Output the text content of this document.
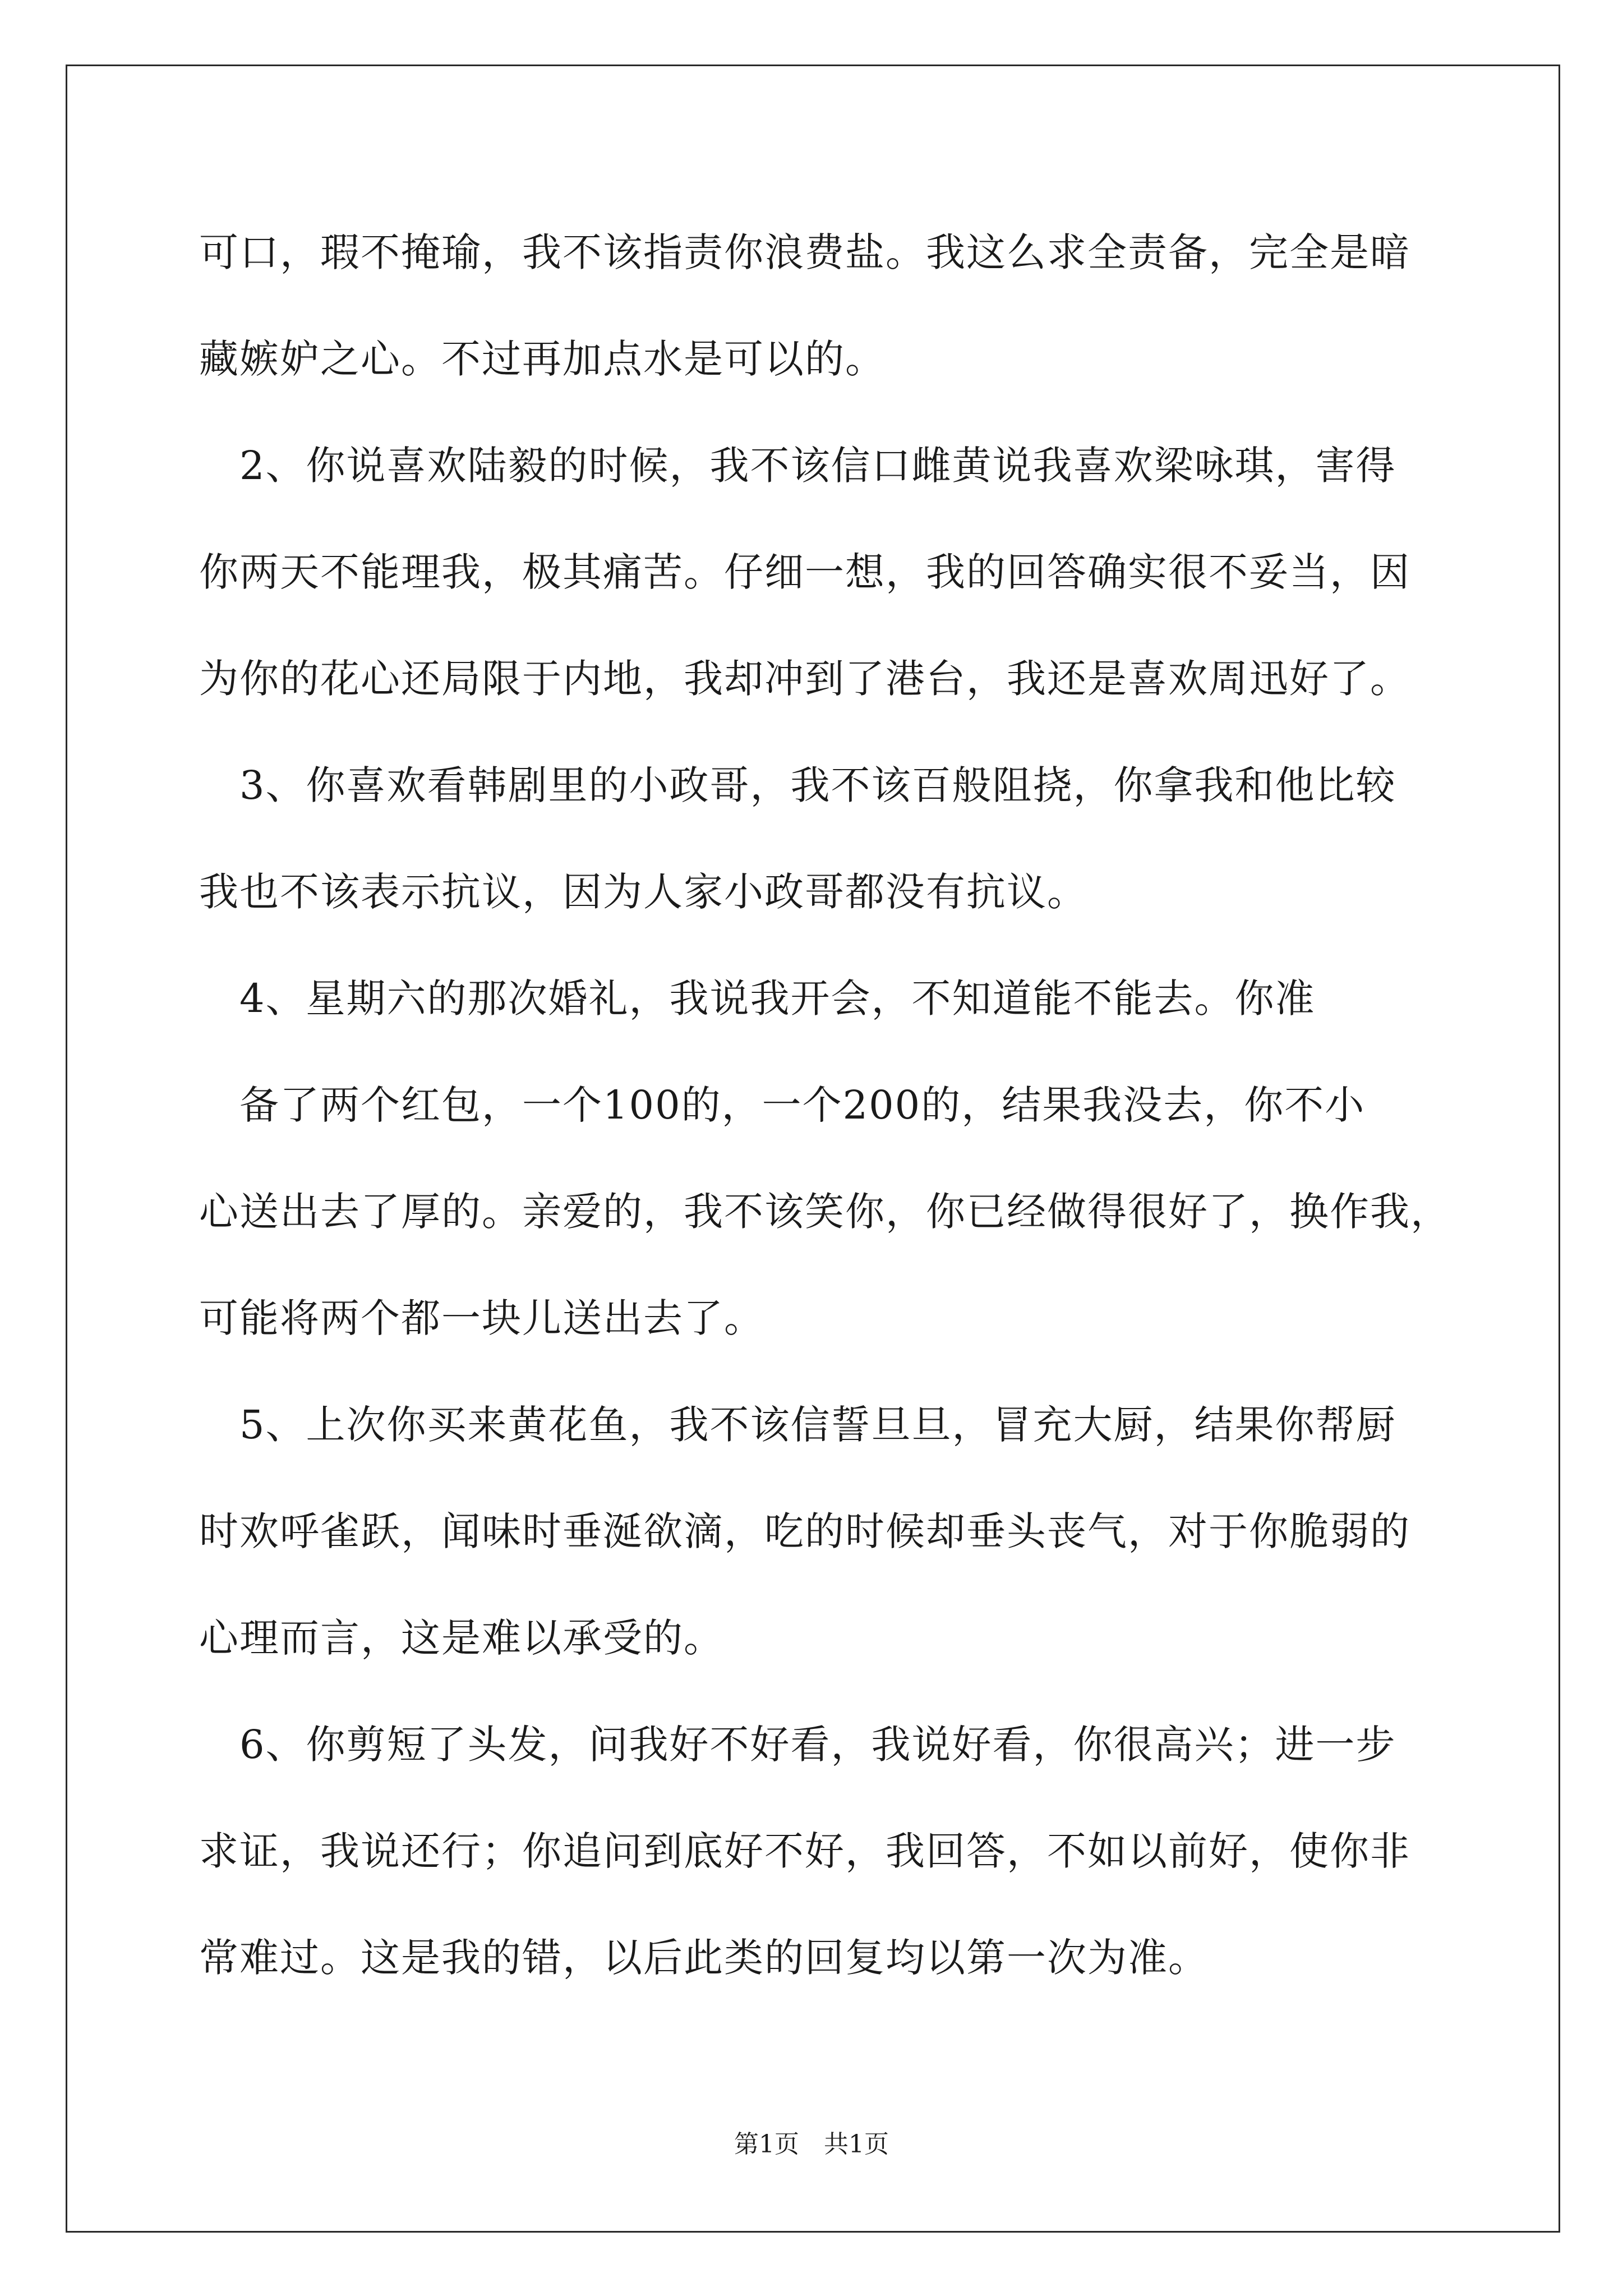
可口，瑕不掩瑜，我不该指责你浪费盐。我这么求全责备，完全是暗
藏嫉妒之心。不过再加点水是可以的。
　2、你说喜欢陆毅的时候，我不该信口雌黄说我喜欢梁咏琪，害得
你两天不能理我，极其痛苦。仔细一想，我的回答确实很不妥当，因
为你的花心还局限于内地，我却冲到了港台，我还是喜欢周迅好了。
　3、你喜欢看韩剧里的小政哥，我不该百般阻挠，你拿我和他比较
我也不该表示抗议，因为人家小政哥都没有抗议。
　4、星期六的那次婚礼，我说我开会，不知道能不能去。你准
　备了两个红包，一个100的，一个200的，结果我没去，你不小
心送出去了厚的。亲爱的，我不该笑你，你已经做得很好了，换作我，
可能将两个都一块儿送出去了。
　5、上次你买来黄花鱼，我不该信誓旦旦，冒充大厨，结果你帮厨
时欢呼雀跃，闻味时垂涎欲滴，吃的时候却垂头丧气，对于你脆弱的
心理而言，这是难以承受的。
　6、你剪短了头发，问我好不好看，我说好看，你很高兴；进一步
求证，我说还行；你追问到底好不好，我回答，不如以前好，使你非
常难过。这是我的错，以后此类的回复均以第一次为准。
第1页　共1页
